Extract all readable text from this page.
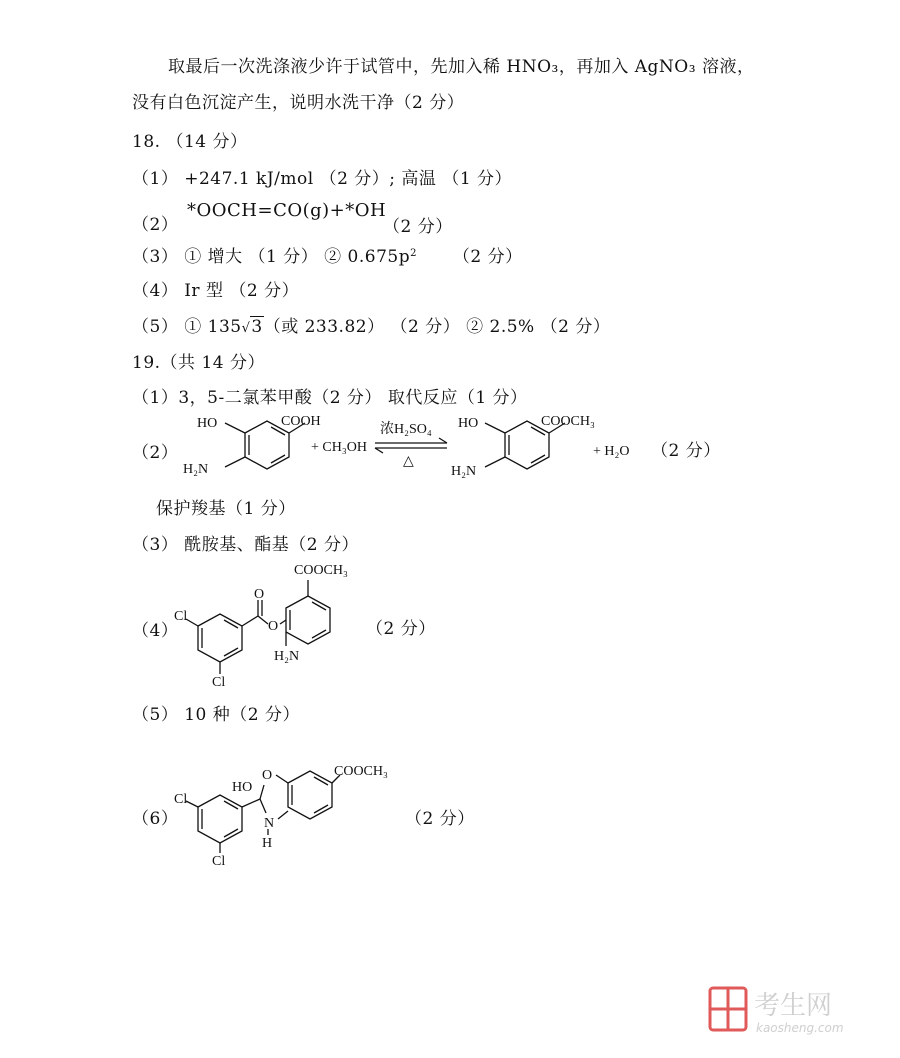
取最后一次洗涤液少许于试管中，先加入稀 HNO₃，再加入 AgNO₃ 溶液，
没有白色沉淀产生，说明水洗干净（2 分）
18. （14 分）
（1） +247.1 kJ/mol （2 分）; 高温 （1 分）
（2）
*OOCH=CO(g)+*OH
（2 分）
（3） ① 增大 （1 分） ② $0.675p^2$ （2 分）
（4） Ir 型 （2 分）
（5） ① 135√3（或 233.82） （2 分） ② 2.5% （2 分）
19.（共 14 分）
（1）3，5-二氯苯甲酸（2 分） 取代反应（1 分）
（2）
HO	COOH
H₂N
+ CH₃OH
浓H₂SO₄
△
HO	COOCH₃
H₂N
+ H₂O （2 分）
保护羧基（1 分）
（3） 酰胺基、酯基（2 分）
（4）
Cl
Cl
O
O
COOCH₃
H₂N
（2 分）
（5） 10 种（2 分）
（6）
Cl
Cl
HO
O
N
H
COOCH₃
（2 分）
考生网
kaosheng.com
